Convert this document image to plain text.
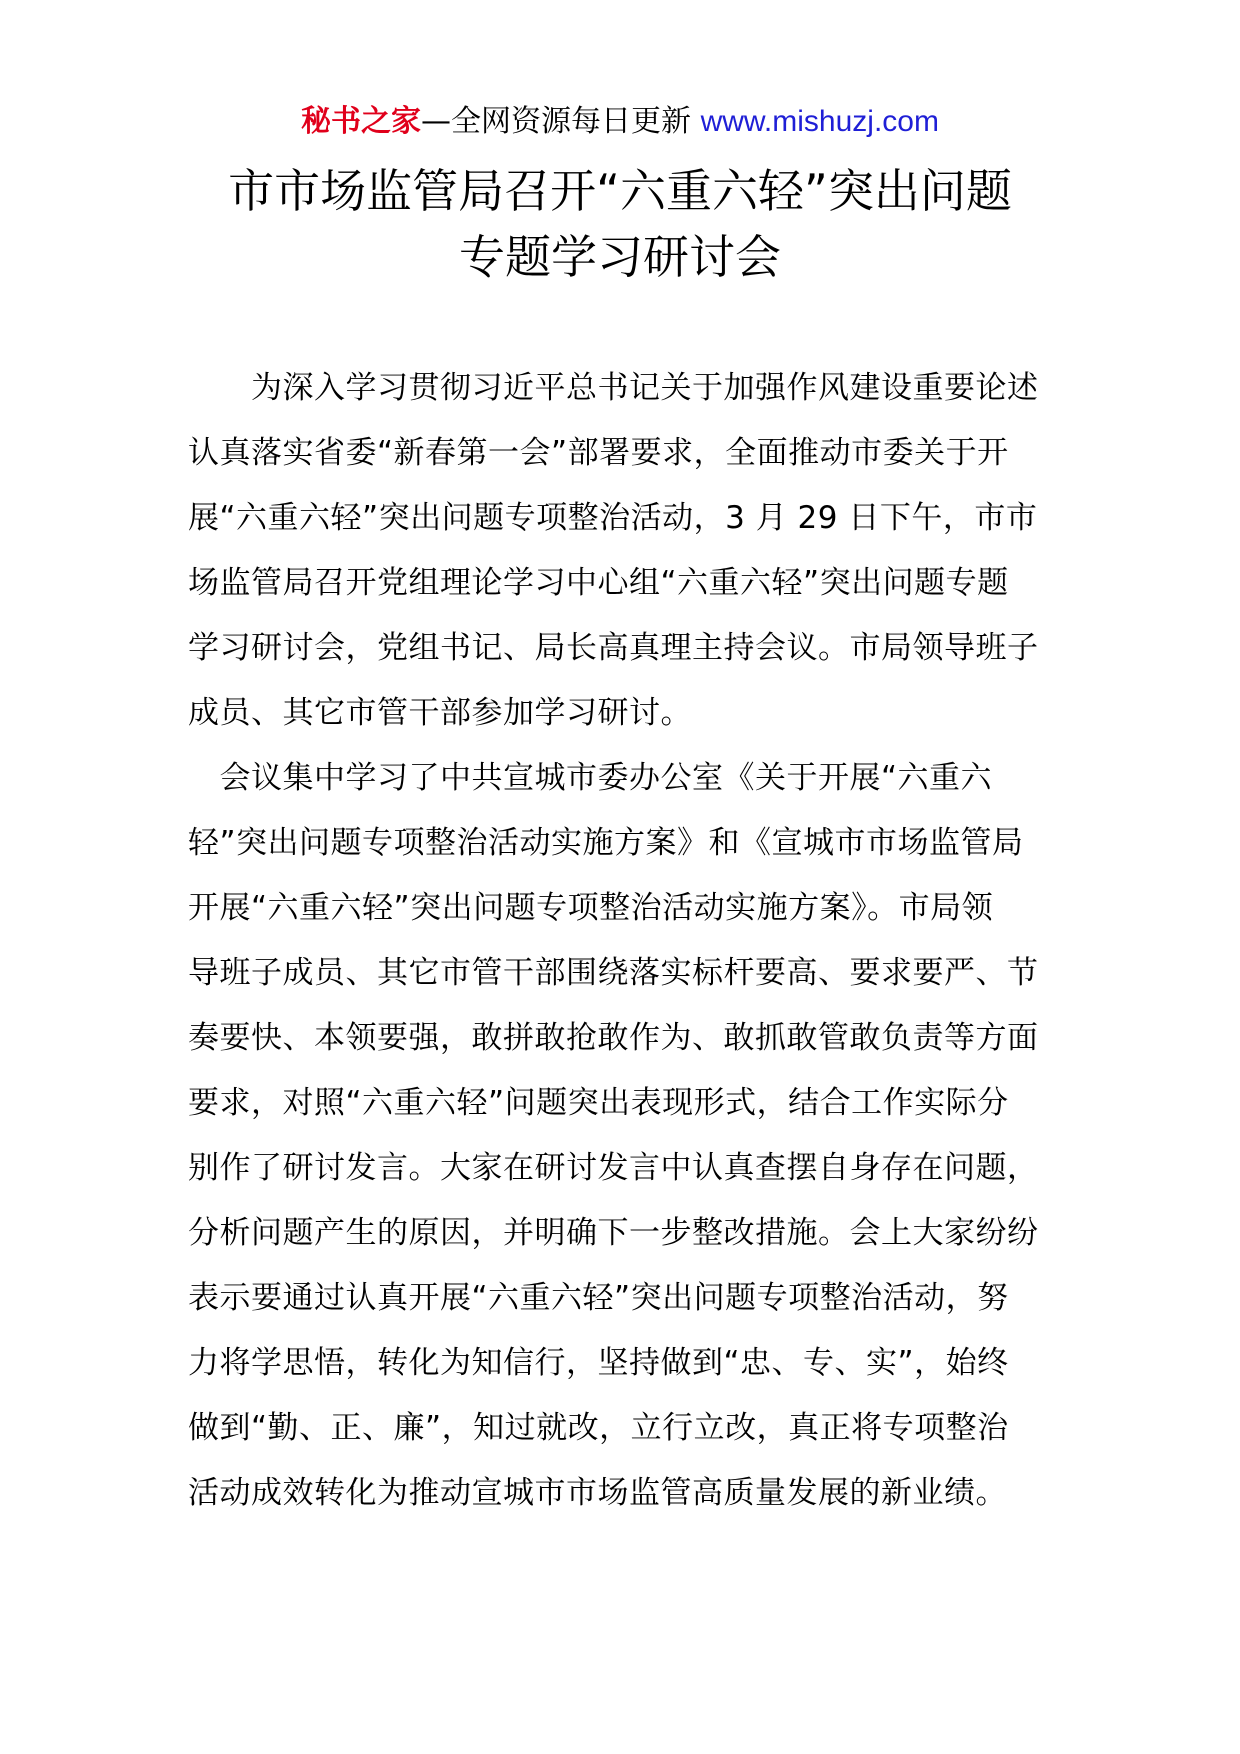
秘书之家—全网资源每日更新 www.mishuzj.com
市市场监管局召开“六重六轻”突出问题
专题学习研讨会

　　为深入学习贯彻习近平总书记关于加强作风建设重要论述
认真落实省委“新春第一会”部署要求，全面推动市委关于开
展“六重六轻”突出问题专项整治活动，3 月 29 日下午，市市
场监管局召开党组理论学习中心组“六重六轻”突出问题专题
学习研讨会，党组书记、局长高真理主持会议。市局领导班子
成员、其它市管干部参加学习研讨。

　会议集中学习了中共宣城市委办公室《关于开展“六重六
轻”突出问题专项整治活动实施方案》和《宣城市市场监管局
开展“六重六轻”突出问题专项整治活动实施方案》。市局领
导班子成员、其它市管干部围绕落实标杆要高、要求要严、节
奏要快、本领要强，敢拼敢抢敢作为、敢抓敢管敢负责等方面
要求，对照“六重六轻”问题突出表现形式，结合工作实际分
别作了研讨发言。大家在研讨发言中认真查摆自身存在问题，
分析问题产生的原因，并明确下一步整改措施。会上大家纷纷
表示要通过认真开展“六重六轻”突出问题专项整治活动，努
力将学思悟，转化为知信行，坚持做到“忠、专、实”，始终
做到“勤、正、廉”，知过就改，立行立改，真正将专项整治
活动成效转化为推动宣城市市场监管高质量发展的新业绩。
